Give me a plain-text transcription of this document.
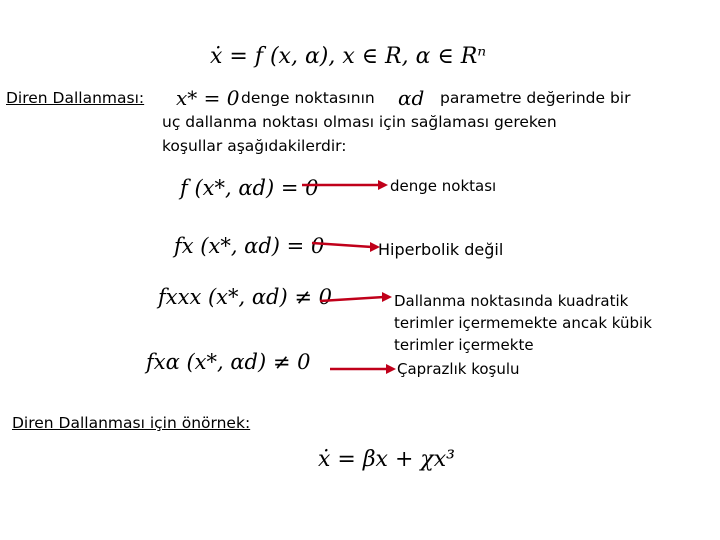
ẋ = f (x, α), x ∈ R, α ∈ Rⁿ
Diren Dallanması: x* = 0 denge noktasının αd parametre değerinde bir
uç dallanma noktası olması için sağlaması gereken
koşullar aşağıdakilerdir:
f (x*, αd) = 0	denge noktası
fx (x*, αd) = 0	Hiperbolik değil
fxxx (x*, αd) ≠ 0	Dallanma noktasında kuadratik
terimler içermemekte ancak kübik
terimler içermekte
fxα (x*, αd) ≠ 0	Çaprazlık koşulu
Diren Dallanması için önörnek:
ẋ = βx + χx³
